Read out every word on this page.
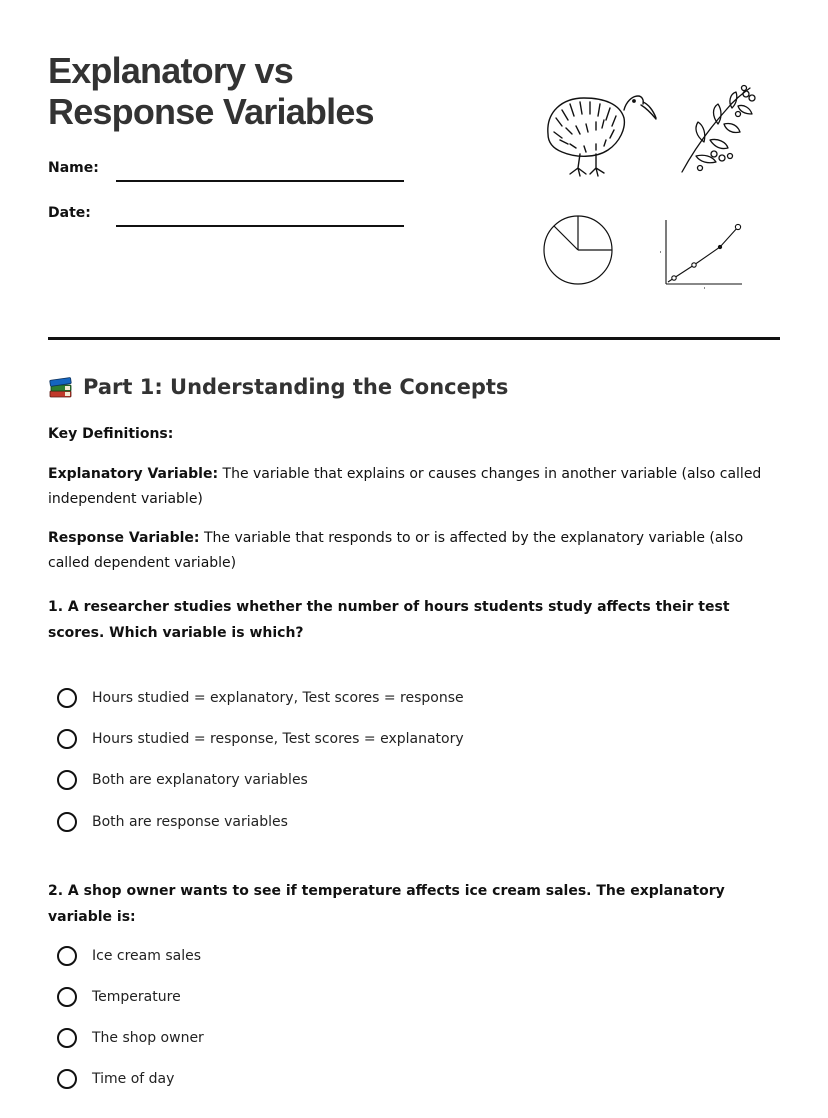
Explanatory vs
Response Variables
Name:
Date:
Part 1: Understanding the Concepts
Key Definitions:
Explanatory Variable: The variable that explains or causes changes in another variable (also called independent variable)
Response Variable: The variable that responds to or is affected by the explanatory variable (also called dependent variable)
1. A researcher studies whether the number of hours students study affects their test scores. Which variable is which?
Hours studied = explanatory, Test scores = response
Hours studied = response, Test scores = explanatory
Both are explanatory variables
Both are response variables
2. A shop owner wants to see if temperature affects ice cream sales. The explanatory variable is:
Ice cream sales
Temperature
The shop owner
Time of day
